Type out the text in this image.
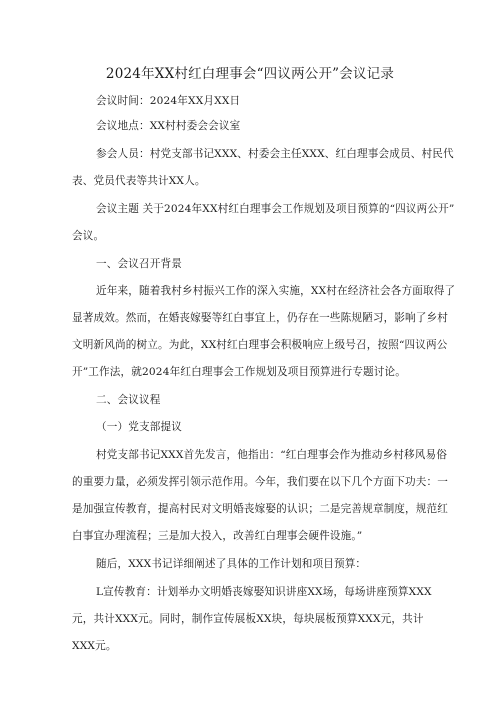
2024年XX村红白理事会“四议两公开”会议记录
会议时间：2024年XX月XX日
会议地点：XX村村委会会议室
参会人员：村党支部书记XXX、村委会主任XXX、红白理事会成员、村民代
表、党员代表等共计XX人。
会议主题 关于2024年XX村红白理事会工作规划及项目预算的“四议两公开”
会议。
一、会议召开背景
近年来，随着我村乡村振兴工作的深入实施，XX村在经济社会各方面取得了
显著成效。然而，在婚丧嫁娶等红白事宜上，仍存在一些陈规陋习，影响了乡村
文明新风尚的树立。为此，XX村红白理事会积极响应上级号召，按照“四议两公
开”工作法，就2024年红白理事会工作规划及项目预算进行专题讨论。
二、会议议程
（一）党支部提议
村党支部书记XXX首先发言，他指出：“红白理事会作为推动乡村移风易俗
的重要力量，必须发挥引领示范作用。今年，我们要在以下几个方面下功夫：一
是加强宣传教育，提高村民对文明婚丧嫁娶的认识；二是完善规章制度，规范红
白事宜办理流程；三是加大投入，改善红白理事会硬件设施。”
随后，XXX书记详细阐述了具体的工作计划和项目预算：
L宣传教育：计划举办文明婚丧嫁娶知识讲座XX场，每场讲座预算XXX
元，共计XXX元。同时，制作宣传展板XX块，每块展板预算XXX元，共计
XXX元。
